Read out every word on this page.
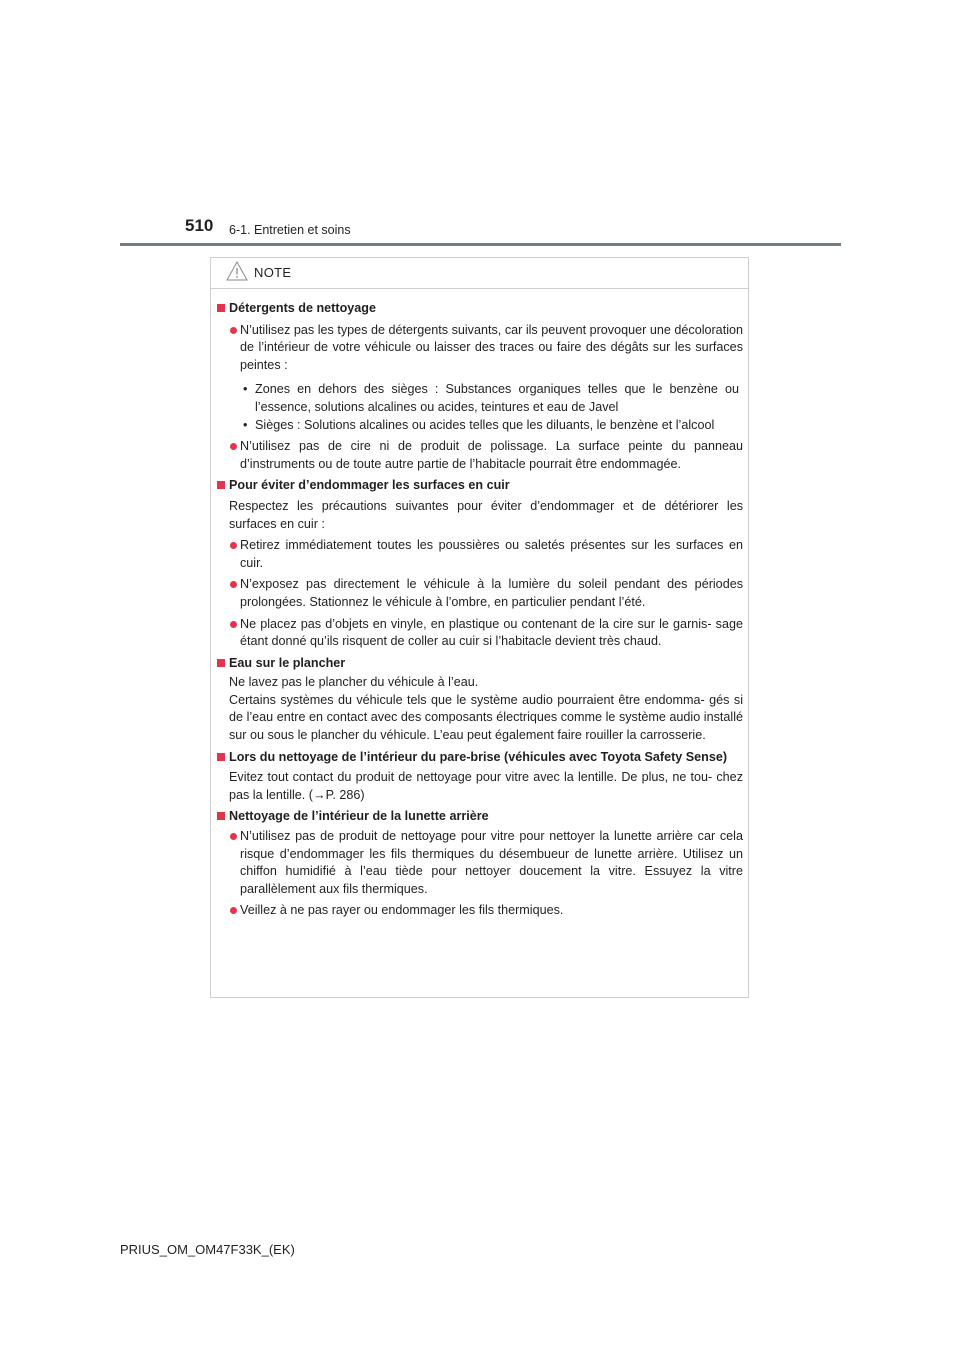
510 6-1. Entretien et soins
NOTE
Détergents de nettoyage
N’utilisez pas les types de détergents suivants, car ils peuvent provoquer une décoloration de l’intérieur de votre véhicule ou laisser des traces ou faire des dégâts sur les surfaces peintes :
• Zones en dehors des sièges : Substances organiques telles que le benzène ou l’essence, solutions alcalines ou acides, teintures et eau de Javel
• Sièges : Solutions alcalines ou acides telles que les diluants, le benzène et l’alcool
N’utilisez pas de cire ni de produit de polissage. La surface peinte du panneau d’instruments ou de toute autre partie de l’habitacle pourrait être endommagée.
Pour éviter d’endommager les surfaces en cuir
Respectez les précautions suivantes pour éviter d’endommager et de détériorer les surfaces en cuir :
Retirez immédiatement toutes les poussières ou saletés présentes sur les surfaces en cuir.
N’exposez pas directement le véhicule à la lumière du soleil pendant des périodes prolongées. Stationnez le véhicule à l’ombre, en particulier pendant l’été.
Ne placez pas d’objets en vinyle, en plastique ou contenant de la cire sur le garnis- sage étant donné qu’ils risquent de coller au cuir si l’habitacle devient très chaud.
Eau sur le plancher
Ne lavez pas le plancher du véhicule à l’eau.
Certains systèmes du véhicule tels que le système audio pourraient être endomma- gés si de l’eau entre en contact avec des composants électriques comme le système audio installé sur ou sous le plancher du véhicule. L’eau peut également faire rouiller la carrosserie.
Lors du nettoyage de l’intérieur du pare-brise (véhicules avec Toyota Safety Sense)
Evitez tout contact du produit de nettoyage pour vitre avec la lentille. De plus, ne tou- chez pas la lentille. (→P. 286)
Nettoyage de l’intérieur de la lunette arrière
N’utilisez pas de produit de nettoyage pour vitre pour nettoyer la lunette arrière car cela risque d’endommager les fils thermiques du désembueur de lunette arrière. Utilisez un chiffon humidifié à l’eau tiède pour nettoyer doucement la vitre. Essuyez la vitre parallèlement aux fils thermiques.
Veillez à ne pas rayer ou endommager les fils thermiques.
PRIUS_OM_OM47F33K_(EK)
